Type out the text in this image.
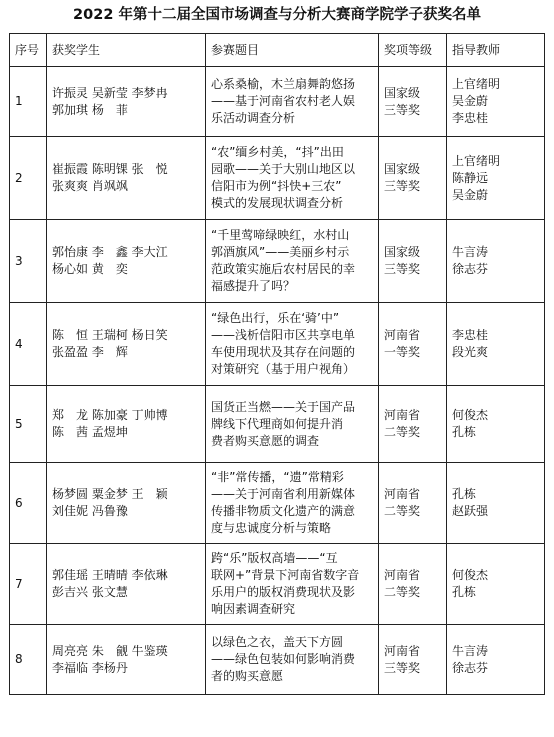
2022 年第十二届全国市场调查与分析大赛商学院学子获奖名单
序号	获奖学生	参赛题目	奖项等级	指导教师
1	许振灵 吴新莹 李梦冉
郭加琪 杨　菲	心系桑榆，木兰扇舞韵悠扬
——基于河南省农村老人娱
乐活动调查分析	国家级
三等奖	上官绪明
吴金蔚
李忠桂

2	崔振霞 陈明锞 张　悦
张爽爽 肖飒飒	“农”缅乡村美，“抖”出田
园歌——关于大别山地区以
信阳市为例“抖快+三农”
模式的发展现状调查分析	国家级
三等奖	上官绪明
陈静远
吴金蔚

3	郭怡康 李　鑫 李大江
杨心如 黄　奕	“千里莺啼绿映红，水村山
郭酒旗风”——美丽乡村示
范政策实施后农村居民的幸
福感提升了吗？	国家级
三等奖	牛言涛
徐志芬

4	陈　恒 王瑞柯 杨日笑
张盈盈 李　辉	“绿色出行，乐在‘骑’中”
——浅析信阳市区共享电单
车使用现状及其存在问题的
对策研究（基于用户视角）	河南省
一等奖	李忠桂
段光爽

5	郑　龙 陈加豪 丁帅博
陈　茜 孟煜坤	国货正当燃——关于国产品
牌线下代理商如何提升消
费者购买意愿的调查	河南省
二等奖	何俊杰
孔栋

6	杨梦圆 粟金梦 王　颖
刘佳妮 冯鲁豫	“非”常传播，“遗”常精彩
——关于河南省利用新媒体
传播非物质文化遗产的满意
度与忠诚度分析与策略	河南省
二等奖	孔栋
赵跃强

7	郭佳瑶 王晴晴 李依琳
彭吉兴 张文慧	跨“乐”版权高墙——“互
联网+”背景下河南省数字音
乐用户的版权消费现状及影
响因素调查研究	河南省
二等奖	何俊杰
孔栋

8	周亮亮 朱　觎 牛鉴瑛
李福临 李杨丹	以绿色之衣，盖天下方圆
——绿色包装如何影响消费
者的购买意愿	河南省
三等奖	牛言涛
徐志芬
